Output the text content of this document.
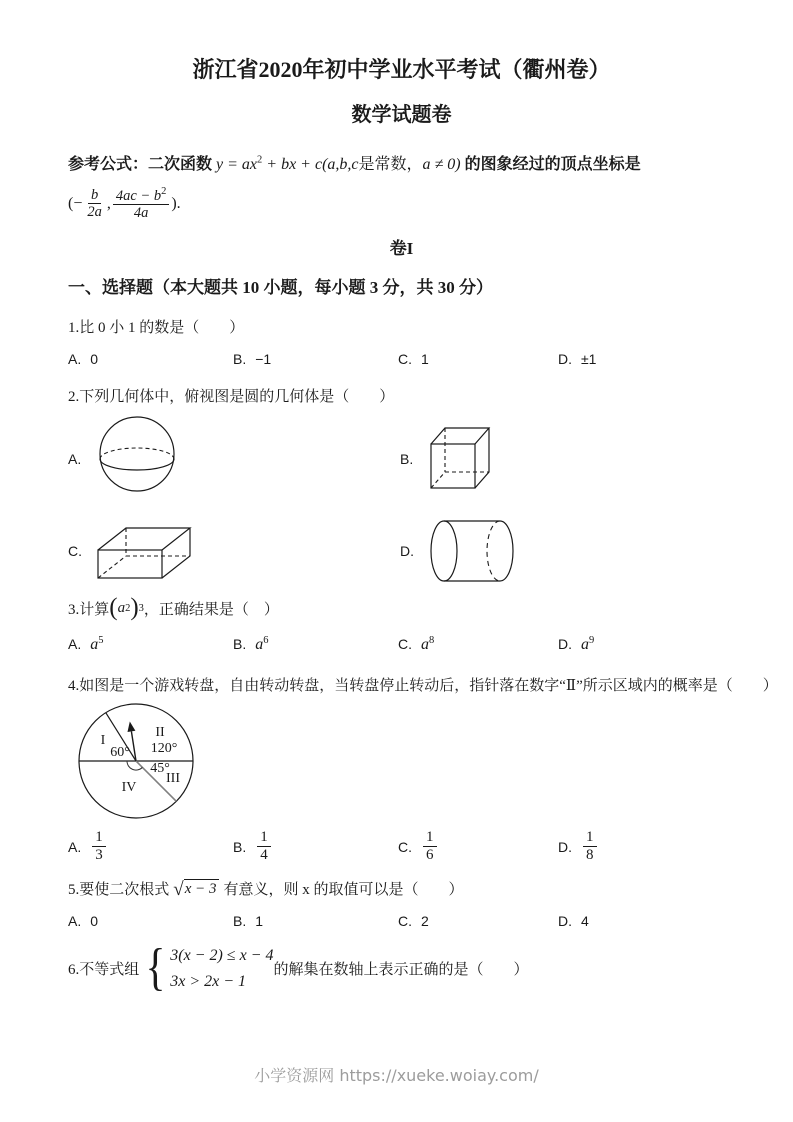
浙江省2020年初中学业水平考试（衢州卷）
数学试题卷
参考公式：二次函数 $y = ax^2$ + bx + c(a,b,c是常数，a ≠ 0) 的图象经过的顶点坐标是
(− $\frac{b}{2a}$ , $\frac{4ac - b^2}{4a}$ ).
卷I
一、选择题（本大题共 10 小题，每小题 3 分，共 30 分）
1.比 0 小 1 的数是（　　）
A. 0	B. −1	C. 1	D. ±1
2.下列几何体中，俯视图是圆的几何体是（　　）
A.	B.
C.	D.
3.计算 ( a 2 ) 3 ，正确结果是（　）
A. $a^5$	B. $a^6$	C. $a^8$	D. $a^9$
4.如图是一个游戏转盘，自由转动转盘，当转盘停止转动后，指针落在数字“Ⅱ”所示区域内的概率是（　　）
I
II
60° 120°
45°
III
IV
A. $\frac{1}{3}$	B. $\frac{1}{4}$	C. $\frac{1}{6}$	D. $\frac{1}{8}$
5.要使二次根式 √ x − 3 有意义，则 x 的取值可以是（　　）
A. 0	B. 1	C. 2	D. 4
6.不等式组 { 3(x − 2) ≤ x − 4
3x > 2x − 1
的解集在数轴上表示正确的是（　　）
小学资源网 https://xueke.woiay.com/
